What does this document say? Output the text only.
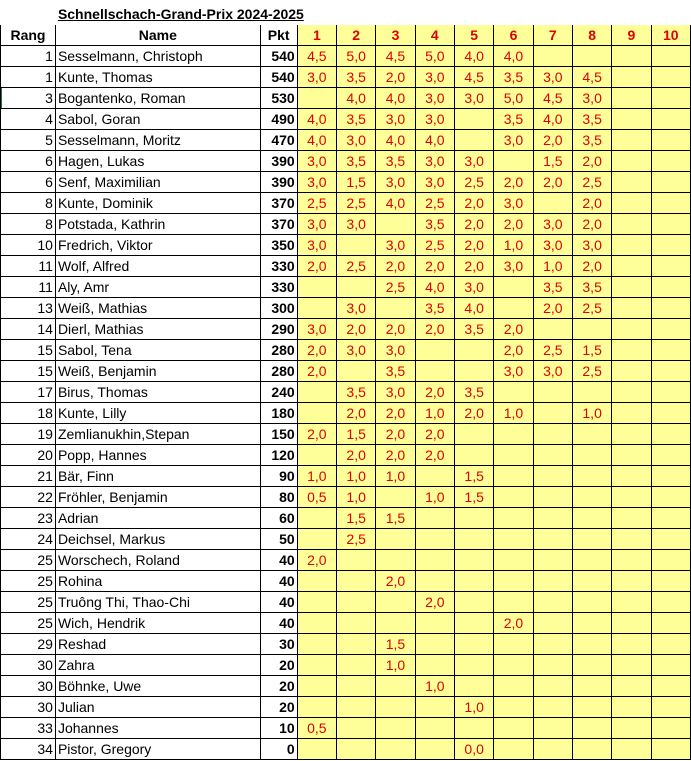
	Schnellschach-Grand-Prix 2024-2025											
Rang	Name	Pkt	1	2	3	4	5	6	7	8	9	10
1	Sesselmann, Christoph	540	4,5	5,0	4,5	5,0	4,0	4,0				
1	Kunte, Thomas	540	3,0	3,5	2,0	3,0	4,5	3,5	3,0	4,5		
3	Bogantenko, Roman	530		4,0	4,0	3,0	3,0	5,0	4,5	3,0		
4	Sabol, Goran	490	4,0	3,5	3,0	3,0		3,5	4,0	3,5		
5	Sesselmann, Moritz	470	4,0	3,0	4,0	4,0		3,0	2,0	3,5		
6	Hagen, Lukas	390	3,0	3,5	3,5	3,0	3,0		1,5	2,0		
6	Senf, Maximilian	390	3,0	1,5	3,0	3,0	2,5	2,0	2,0	2,5		
8	Kunte, Dominik	370	2,5	2,5	4,0	2,5	2,0	3,0		2,0		
8	Potstada, Kathrin	370	3,0	3,0		3,5	2,0	2,0	3,0	2,0		
10	Fredrich, Viktor	350	3,0		3,0	2,5	2,0	1,0	3,0	3,0		
11	Wolf, Alfred	330	2,0	2,5	2,0	2,0	2,0	3,0	1,0	2,0		
11	Aly, Amr	330			2,5	4,0	3,0		3,5	3,5		
13	Weiß, Mathias	300		3,0		3,5	4,0		2,0	2,5		
14	Dierl, Mathias	290	3,0	2,0	2,0	2,0	3,5	2,0				
15	Sabol, Tena	280	2,0	3,0	3,0			2,0	2,5	1,5		
15	Weiß, Benjamin	280	2,0		3,5			3,0	3,0	2,5		
17	Birus, Thomas	240		3,5	3,0	2,0	3,5					
18	Kunte, Lilly	180		2,0	2,0	1,0	2,0	1,0		1,0		
19	Zemlianukhin,Stepan	150	2,0	1,5	2,0	2,0						
20	Popp, Hannes	120		2,0	2,0	2,0						
21	Bär, Finn	90	1,0	1,0	1,0		1,5					
22	Fröhler, Benjamin	80	0,5	1,0		1,0	1,5					
23	Adrian	60		1,5	1,5							
24	Deichsel, Markus	50		2,5								
25	Worschech, Roland	40	2,0									
25	Rohina	40			2,0							
25	Truông Thi, Thao-Chi	40				2,0						
25	Wich, Hendrik	40						2,0				
29	Reshad	30			1,5							
30	Zahra	20			1,0							
30	Böhnke, Uwe	20				1,0						
30	Julian	20					1,0					
33	Johannes	10	0,5									
34	Pistor, Gregory	0					0,0					
